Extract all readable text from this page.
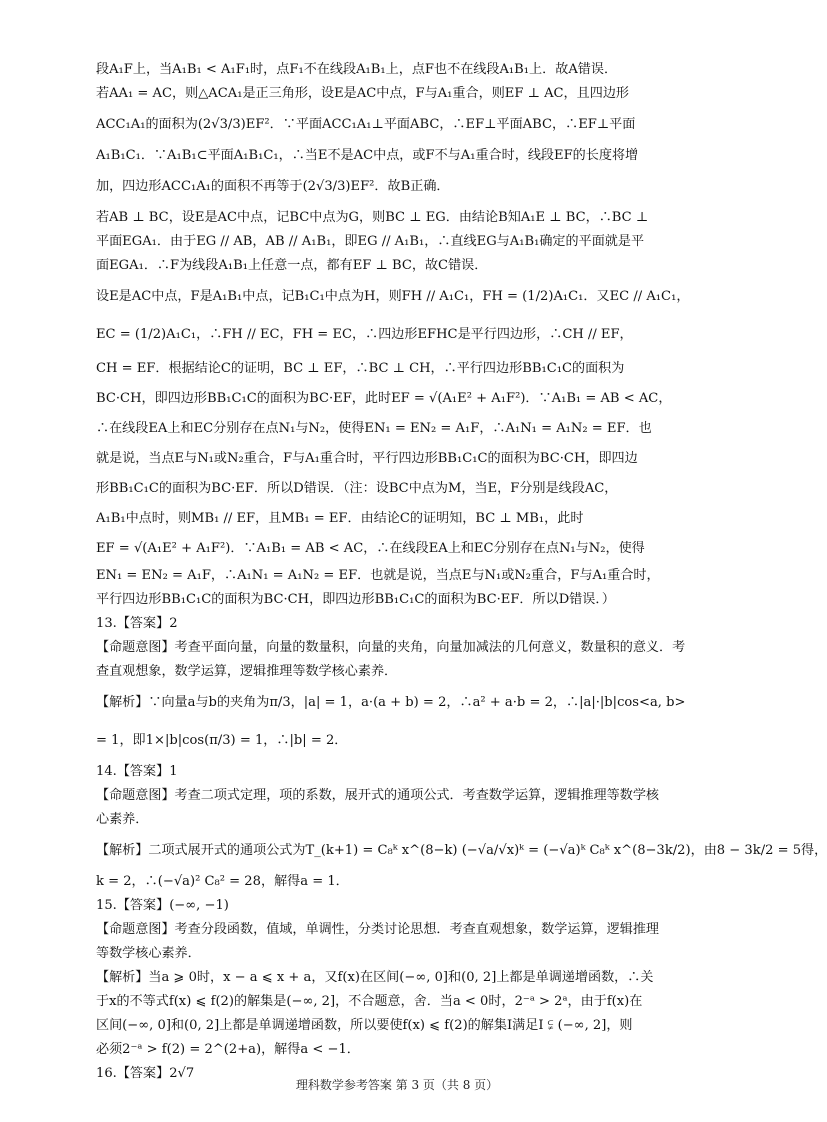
段A₁F上，当A₁B₁ < A₁F₁时，点F₁不在线段A₁B₁上，点F也不在线段A₁B₁上．故A错误．
若AA₁ = AC，则△ACA₁是正三角形，设E是AC中点，F与A₁重合，则EF ⊥ AC，且四边形
ACC₁A₁的面积为(2√3/3)EF²．∵平面ACC₁A₁⊥平面ABC，∴EF⊥平面ABC，∴EF⊥平面
A₁B₁C₁．∵A₁B₁⊂平面A₁B₁C₁，∴当E不是AC中点，或F不与A₁重合时，线段EF的长度将增
加，四边形ACC₁A₁的面积不再等于(2√3/3)EF²．故B正确．
若AB ⊥ BC，设E是AC中点，记BC中点为G，则BC ⊥ EG．由结论B知A₁E ⊥ BC，∴BC ⊥
平面EGA₁．由于EG // AB，AB // A₁B₁，即EG // A₁B₁，∴直线EG与A₁B₁确定的平面就是平
面EGA₁．∴F为线段A₁B₁上任意一点，都有EF ⊥ BC，故C错误．
设E是AC中点，F是A₁B₁中点，记B₁C₁中点为H，则FH // A₁C₁，FH = (1/2)A₁C₁．又EC // A₁C₁，
EC = (1/2)A₁C₁，∴FH // EC，FH = EC，∴四边形EFHC是平行四边形，∴CH // EF，
CH = EF．根据结论C的证明，BC ⊥ EF，∴BC ⊥ CH，∴平行四边形BB₁C₁C的面积为
BC·CH，即四边形BB₁C₁C的面积为BC·EF，此时EF = √(A₁E² + A₁F²)．∵A₁B₁ = AB < AC，
∴在线段EA上和EC分别存在点N₁与N₂，使得EN₁ = EN₂ = A₁F，∴A₁N₁ = A₁N₂ = EF．也
就是说，当点E与N₁或N₂重合，F与A₁重合时，平行四边形BB₁C₁C的面积为BC·CH，即四边
形BB₁C₁C的面积为BC·EF．所以D错误．（注：设BC中点为M，当E，F分别是线段AC，
A₁B₁中点时，则MB₁ // EF，且MB₁ = EF．由结论C的证明知，BC ⊥ MB₁，此时
EF = √(A₁E² + A₁F²)．∵A₁B₁ = AB < AC，∴在线段EA上和EC分别存在点N₁与N₂，使得
EN₁ = EN₂ = A₁F，∴A₁N₁ = A₁N₂ = EF．也就是说，当点E与N₁或N₂重合，F与A₁重合时，
平行四边形BB₁C₁C的面积为BC·CH，即四边形BB₁C₁C的面积为BC·EF．所以D错误．）
13.【答案】2
【命题意图】考查平面向量，向量的数量积，向量的夹角，向量加减法的几何意义，数量积的意义．考
查直观想象，数学运算，逻辑推理等数学核心素养．
【解析】∵向量a与b的夹角为π/3，|a| = 1，a·(a + b) = 2，∴a² + a·b = 2，∴|a|·|b|cos<a, b>
= 1，即1×|b|cos(π/3) = 1，∴|b| = 2．
14.【答案】1
【命题意图】考查二项式定理，项的系数，展开式的通项公式．考查数学运算，逻辑推理等数学核
心素养．
【解析】二项式展开式的通项公式为T_(k+1) = C₈ᵏ x^(8−k) (−√a/√x)ᵏ = (−√a)ᵏ C₈ᵏ x^(8−3k/2)，由8 − 3k/2 = 5得，
k = 2，∴(−√a)² C₈² = 28，解得a = 1．
15.【答案】(−∞, −1)
【命题意图】考查分段函数，值域，单调性，分类讨论思想．考查直观想象，数学运算，逻辑推理
等数学核心素养．
【解析】当a ⩾ 0时，x − a ⩽ x + a，又f(x)在区间(−∞, 0]和(0, 2]上都是单调递增函数，∴关
于x的不等式f(x) ⩽ f(2)的解集是(−∞, 2]，不合题意，舍．当a < 0时，2⁻ᵃ > 2ᵃ，由于f(x)在
区间(−∞, 0]和(0, 2]上都是单调递增函数，所以要使f(x) ⩽ f(2)的解集I满足I ⫋ (−∞, 2]，则
必须2⁻ᵃ > f(2) = 2^(2+a)，解得a < −1．
16.【答案】2√7
理科数学参考答案 第 3 页（共 8 页）
